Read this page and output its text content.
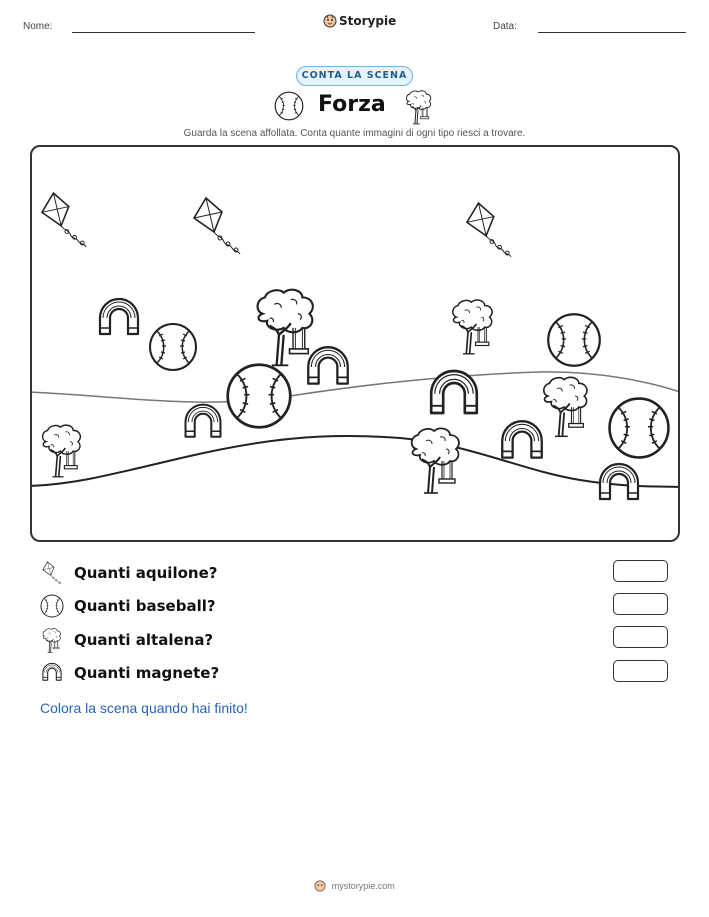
Nome:	Storypie	Data:
CONTA LA SCENA
Forza
Guarda la scena affollata. Conta quante immagini di ogni tipo riesci a trovare.
Quanti aquilone?
Quanti baseball?
Quanti altalena?
Quanti magnete?
Colora la scena quando hai finito!
mystorypie.com
